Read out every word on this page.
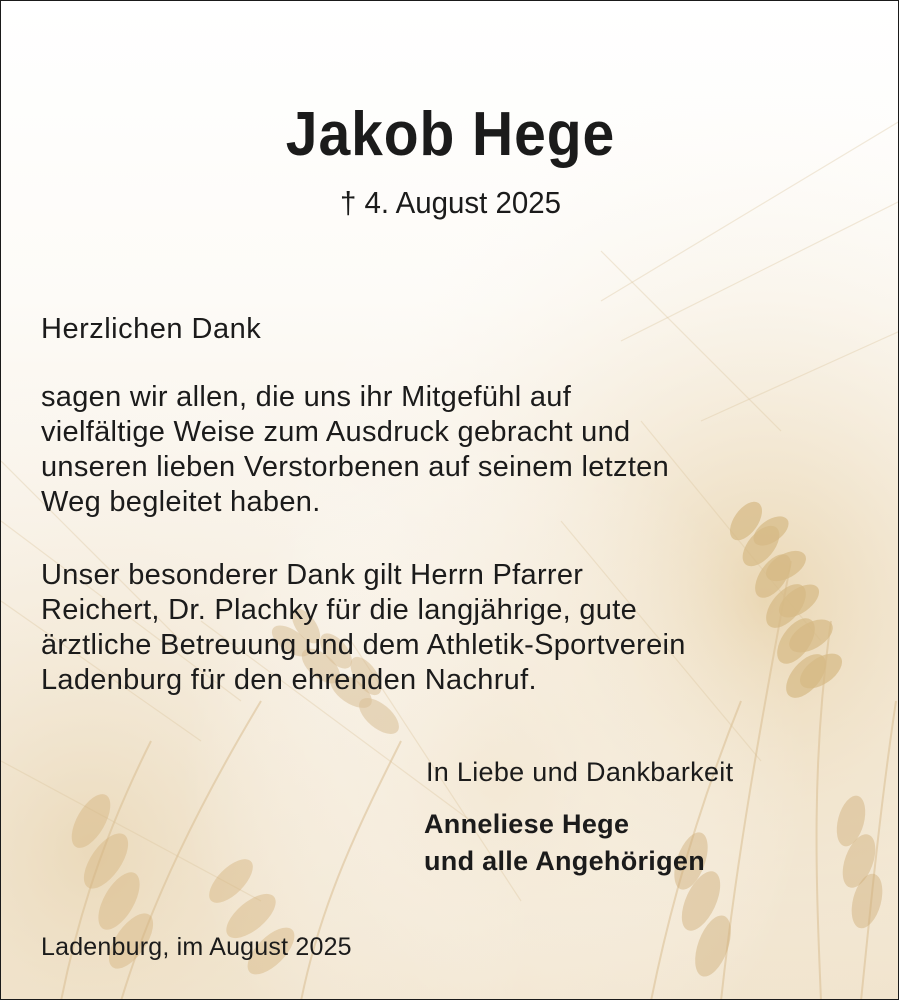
Jakob Hege
† 4. August 2025
Herzlichen Dank

sagen wir allen, die uns ihr Mitgefühl auf
vielfältige Weise zum Ausdruck gebracht und
unseren lieben Verstorbenen auf seinem letzten
Weg begleitet haben.

Unser besonderer Dank gilt Herrn Pfarrer
Reichert, Dr. Plachky für die langjährige, gute
ärztliche Betreuung und dem Athletik-Sportverein
Ladenburg für den ehrenden Nachruf.

In Liebe und Dankbarkeit
Anneliese Hege
und alle Angehörigen
Ladenburg, im August 2025
